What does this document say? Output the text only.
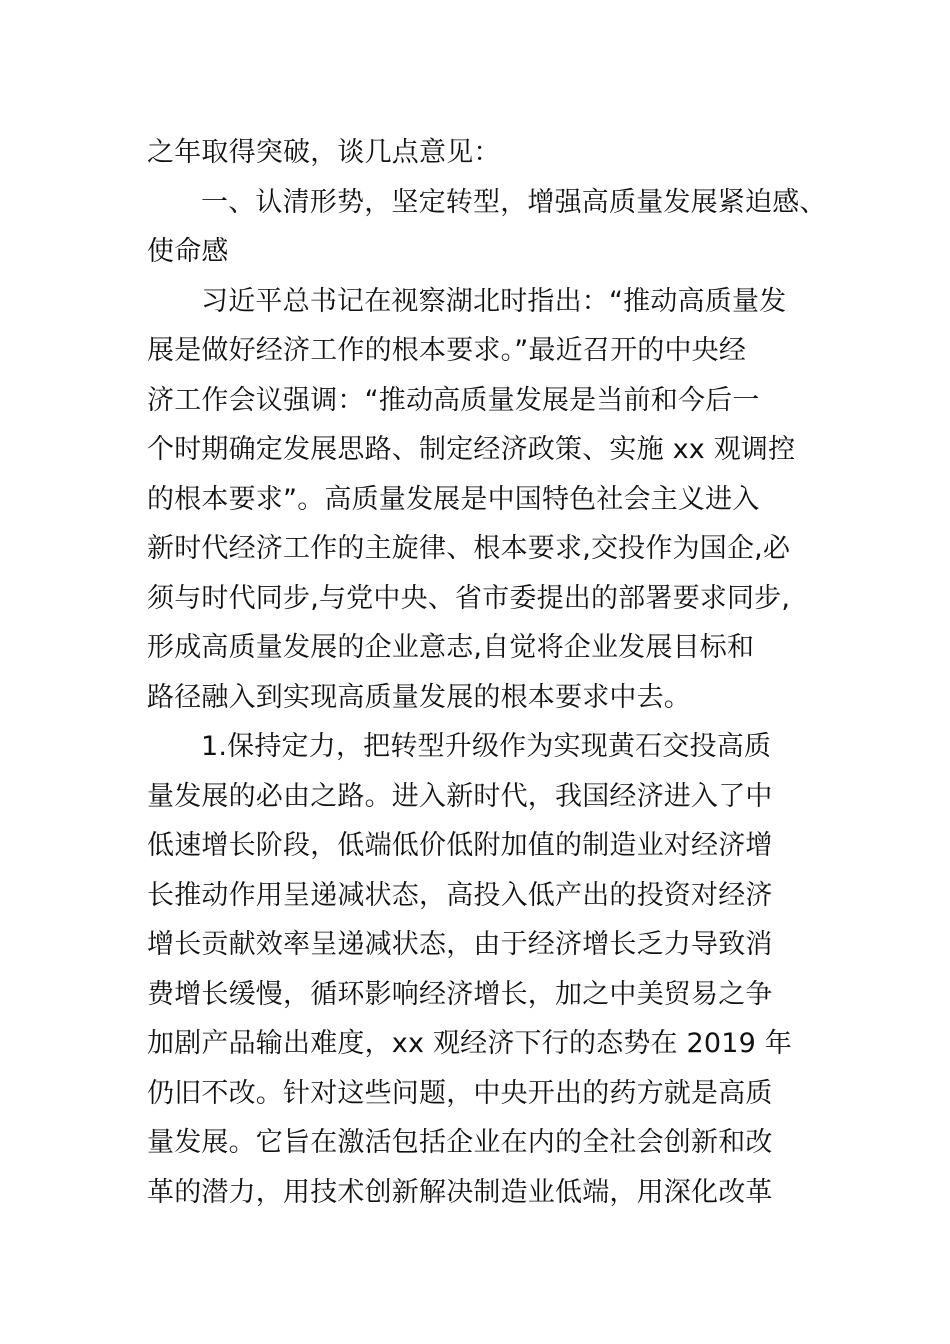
之年取得突破，谈几点意见：
一、认清形势，坚定转型，增强高质量发展紧迫感、
使命感
习近平总书记在视察湖北时指出：“推动高质量发
展是做好经济工作的根本要求。”最近召开的中央经
济工作会议强调：“推动高质量发展是当前和今后一
个时期确定发展思路、制定经济政策、实施 xx 观调控
的根本要求”。高质量发展是中国特色社会主义进入
新时代经济工作的主旋律、根本要求,交投作为国企,必
须与时代同步,与党中央、省市委提出的部署要求同步,
形成高质量发展的企业意志,自觉将企业发展目标和
路径融入到实现高质量发展的根本要求中去。
1.保持定力，把转型升级作为实现黄石交投高质
量发展的必由之路。进入新时代，我国经济进入了中
低速增长阶段，低端低价低附加值的制造业对经济增
长推动作用呈递减状态，高投入低产出的投资对经济
增长贡献效率呈递减状态，由于经济增长乏力导致消
费增长缓慢，循环影响经济增长，加之中美贸易之争
加剧产品输出难度，xx 观经济下行的态势在 2019 年
仍旧不改。针对这些问题，中央开出的药方就是高质
量发展。它旨在激活包括企业在内的全社会创新和改
革的潜力，用技术创新解决制造业低端，用深化改革
